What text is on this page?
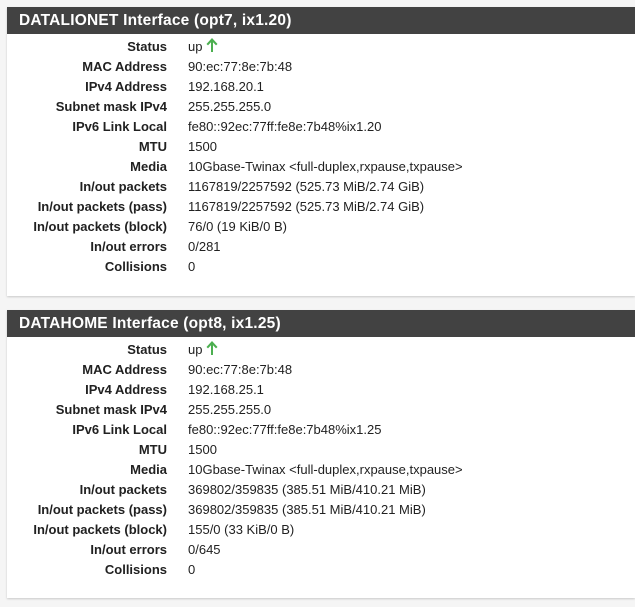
DATALIONET Interface (opt7, ix1.20)
Status up
MAC Address	90:ec:77:8e:7b:48
IPv4 Address	192.168.20.1
Subnet mask IPv4	255.255.255.0
IPv6 Link Local	fe80::92ec:77ff:fe8e:7b48%ix1.20
MTU	1500
Media	10Gbase-Twinax <full-duplex,rxpause,txpause>
In/out packets	1167819/2257592 (525.73 MiB/2.74 GiB)
In/out packets (pass)	1167819/2257592 (525.73 MiB/2.74 GiB)
In/out packets (block)	76/0 (19 KiB/0 B)
In/out errors	0/281
Collisions	0
DATAHOME Interface (opt8, ix1.25)
Status up
MAC Address	90:ec:77:8e:7b:48
IPv4 Address	192.168.25.1
Subnet mask IPv4	255.255.255.0
IPv6 Link Local	fe80::92ec:77ff:fe8e:7b48%ix1.25
MTU	1500
Media	10Gbase-Twinax <full-duplex,rxpause,txpause>
In/out packets	369802/359835 (385.51 MiB/410.21 MiB)
In/out packets (pass)	369802/359835 (385.51 MiB/410.21 MiB)
In/out packets (block)	155/0 (33 KiB/0 B)
In/out errors	0/645
Collisions	0
